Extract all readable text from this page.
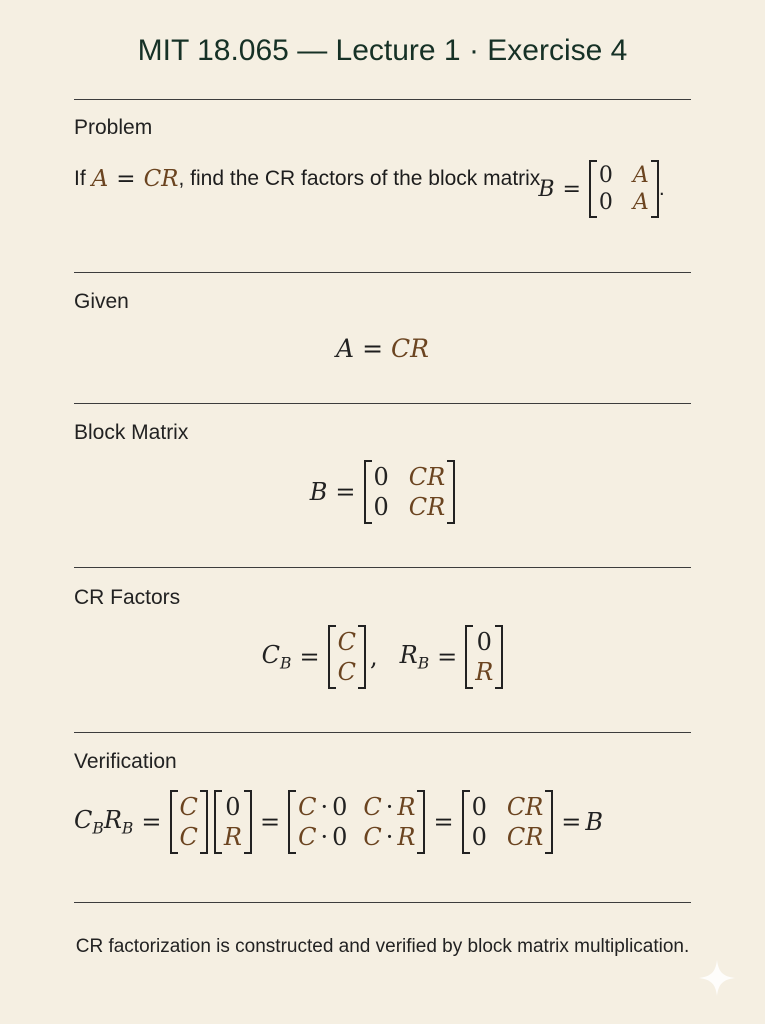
MIT 18.065 — Lecture 1 · Exercise 4
Problem
If A = CR , find the CR factors of the block matrix
B =
0 A
0 A
.
Given
A = CR
Block Matrix
B =
0 CR
0 CR
CR Factors
$C_B$ =
C
C
, $R_B$ =
0
R
Verification
$C_B$ $R_B$ =
C
C
0
R
=
C · 0 C · R
C · 0 C · R
=
0 CR
0 CR
= B
CR factorization is constructed and verified by block matrix multiplication.
